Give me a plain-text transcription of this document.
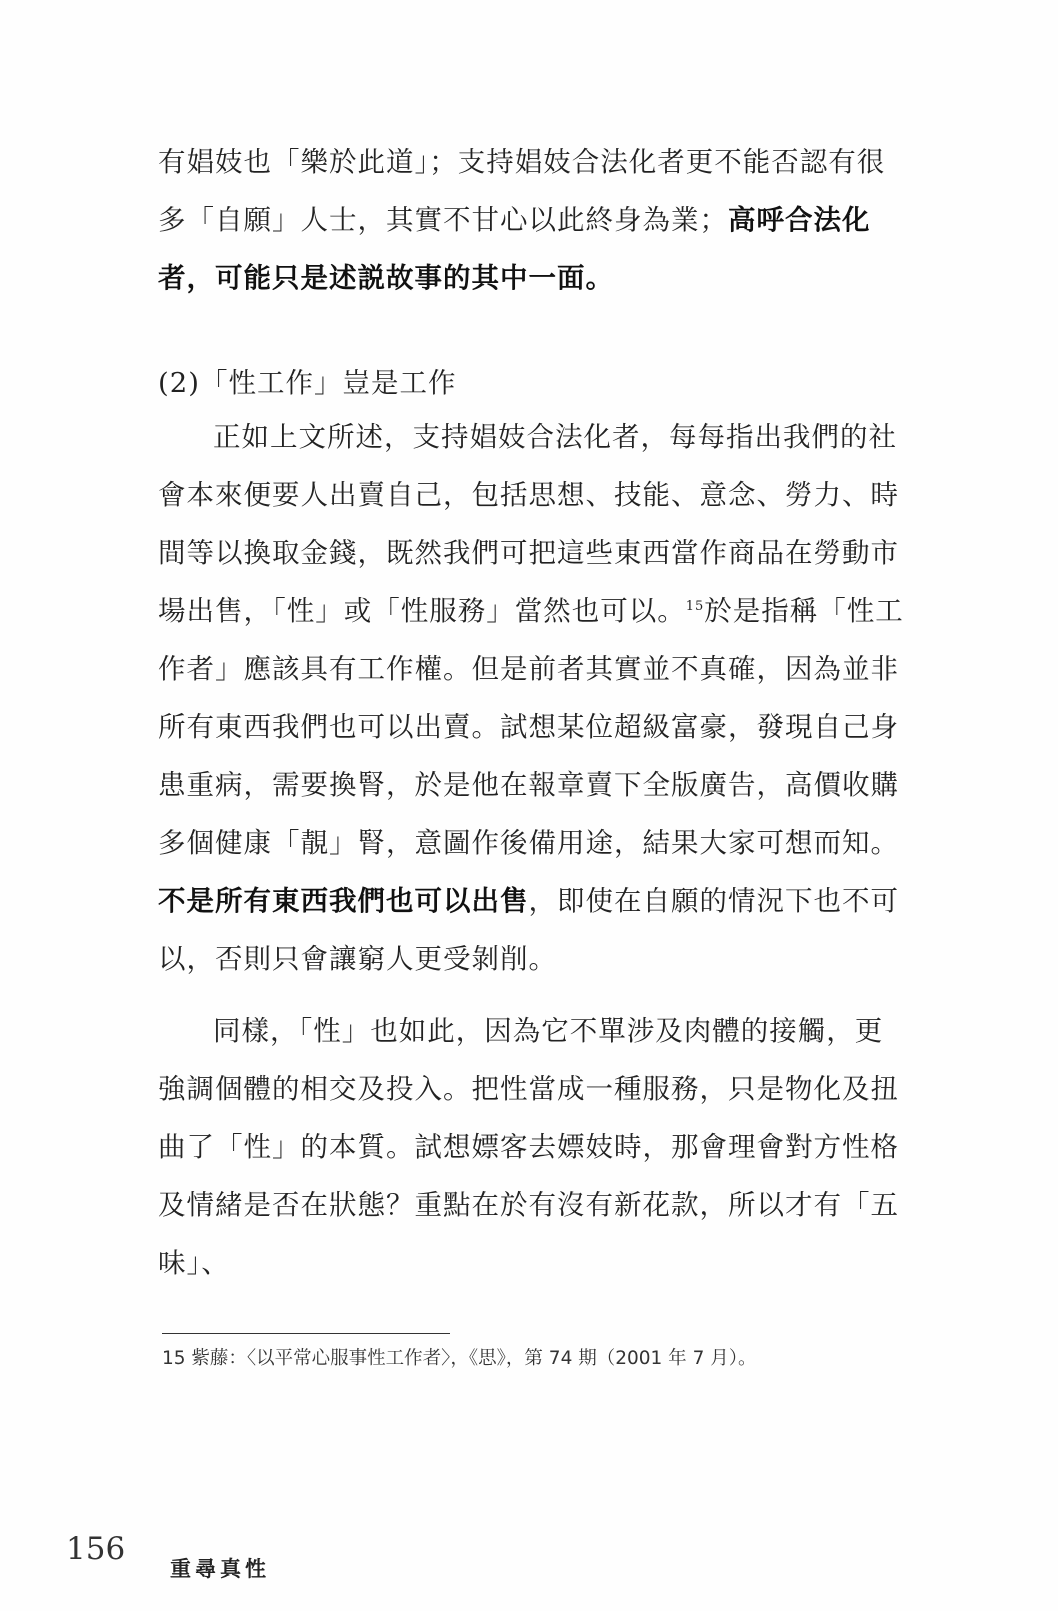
有娼妓也「樂於此道」；支持娼妓合法化者更不能否認有很多「自願」人士，其實不甘心以此終身為業；高呼合法化者，可能只是述説故事的其中一面。

(2)「性工作」豈是工作

正如上文所述，支持娼妓合法化者，每每指出我們的社會本來便要人出賣自己，包括思想、技能、意念、勞力、時間等以換取金錢，既然我們可把這些東西當作商品在勞動市場出售，「性」或「性服務」當然也可以。$^{15}$於是指稱「性工作者」應該具有工作權。但是前者其實並不真確，因為並非所有東西我們也可以出賣。試想某位超級富豪，發現自己身患重病，需要換腎，於是他在報章賣下全版廣告，高價收購多個健康「靚」腎，意圖作後備用途，結果大家可想而知。不是所有東西我們也可以出售，即使在自願的情況下也不可以，否則只會讓窮人更受剝削。

同樣，「性」也如此，因為它不單涉及肉體的接觸，更強調個體的相交及投入。把性當成一種服務，只是物化及扭曲了「性」的本質。試想嫖客去嫖妓時，那會理會對方性格及情緒是否在狀態？重點在於有沒有新花款，所以才有「五味」、

15 紫藤：〈以平常心服事性工作者〉，《思》，第 74 期（2001 年 7 月）。

156
重尋真性
